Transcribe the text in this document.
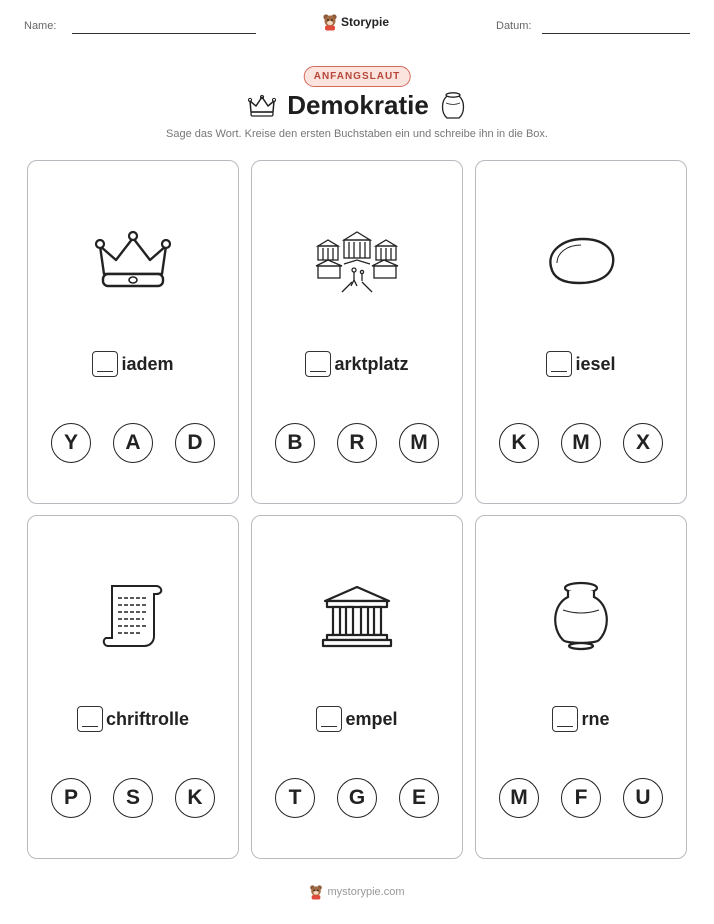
Name:	Storypie	Datum:
ANFANGSLAUT
Demokratie
Sage das Wort. Kreise den ersten Buchstaben ein und schreibe ihn in die Box.
iadem
Y	A	D
arktplatz
B	R	M
iesel
K	M	X
chriftrolle
P	S	K
empel
T	G	E
rne
M	F	U
mystorypie.com
